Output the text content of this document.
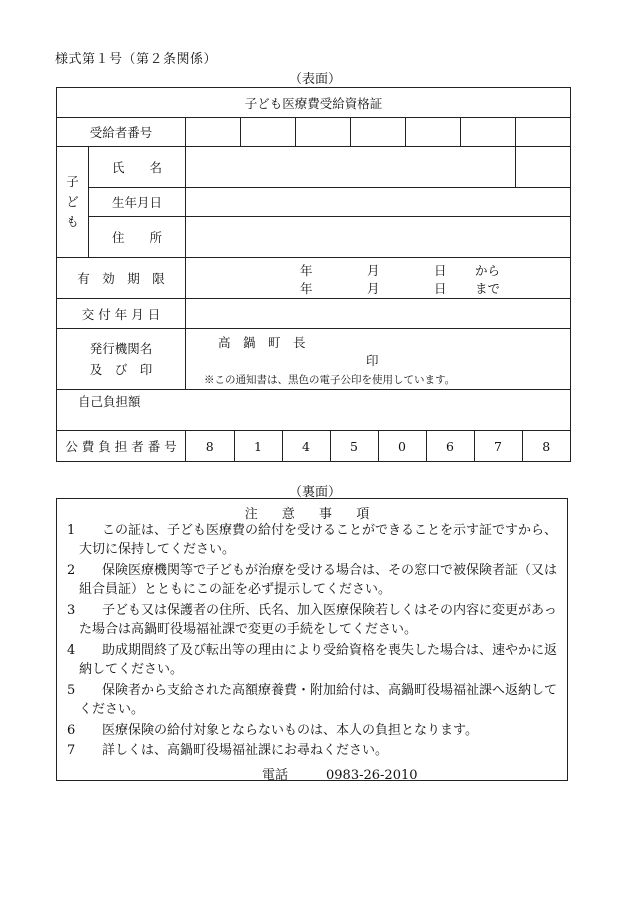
様式第１号（第２条関係）
（表面）
子ども医療費受給資格証
受給者番号							

子
ど
も
	氏　　名		
生年月日	
住　　所	
有　効　期　限	
年	月	日 から
年	月	日 まで

交 付 年 月 日	

発行機関名
及　び　印

高　鍋　町　長
印
※この通知書は、黒色の電子公印を使用しています。

自己負担額
公 費 負 担 者 番 号	8	1	4	5	0	6	7	8
（裏面）
注 意 事 項
1　この証は、子ども医療費の給付を受けることができることを示す証ですから、
大切に保持してください。
2　保険医療機関等で子どもが治療を受ける場合は、その窓口で被保険者証（又は
組合員証）とともにこの証を必ず提示してください。
3　子ども又は保護者の住所、氏名、加入医療保険若しくはその内容に変更があっ
た場合は高鍋町役場福祉課で変更の手続をしてください。
4　助成期間終了及び転出等の理由により受給資格を喪失した場合は、速やかに返
納してください。
5　保険者から支給された高額療養費・附加給付は、高鍋町役場福祉課へ返納して
ください。
6　医療保険の給付対象とならないものは、本人の負担となります。
7　詳しくは、高鍋町役場福祉課にお尋ねください。
電話	0983-26-2010
